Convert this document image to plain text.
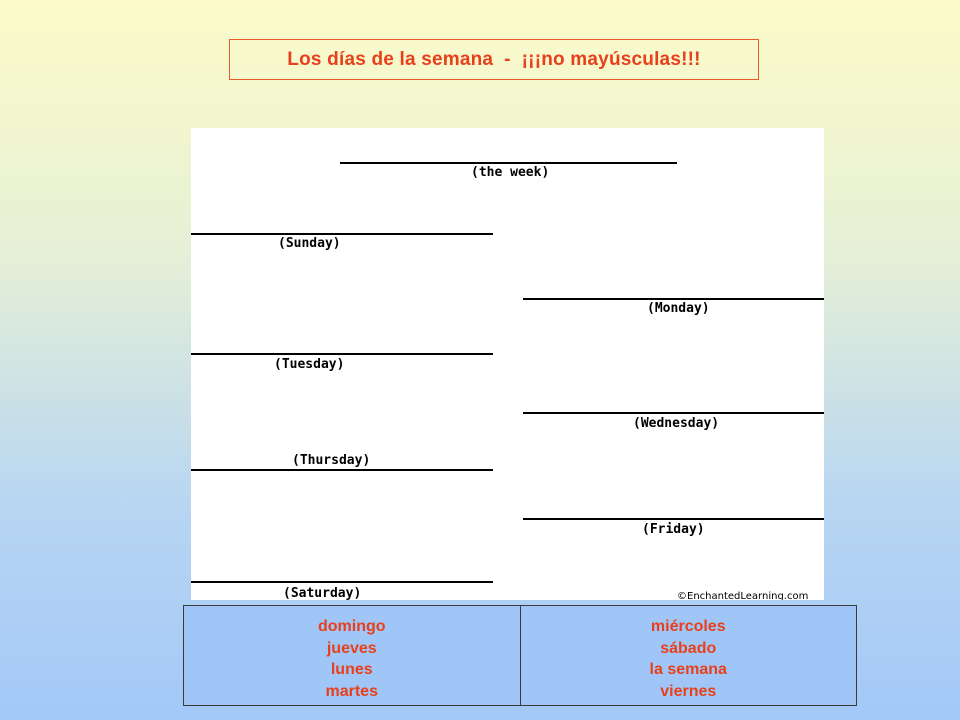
Los días de la semana  -  ¡¡¡no mayúsculas!!!
(the week)
(Sunday)
(Monday)
(Tuesday)
(Wednesday)
(Thursday)
(Friday)
(Saturday)	©EnchantedLearning.com
domingo
jueves
lunes
martes
miércoles
sábado
la semana
viernes
